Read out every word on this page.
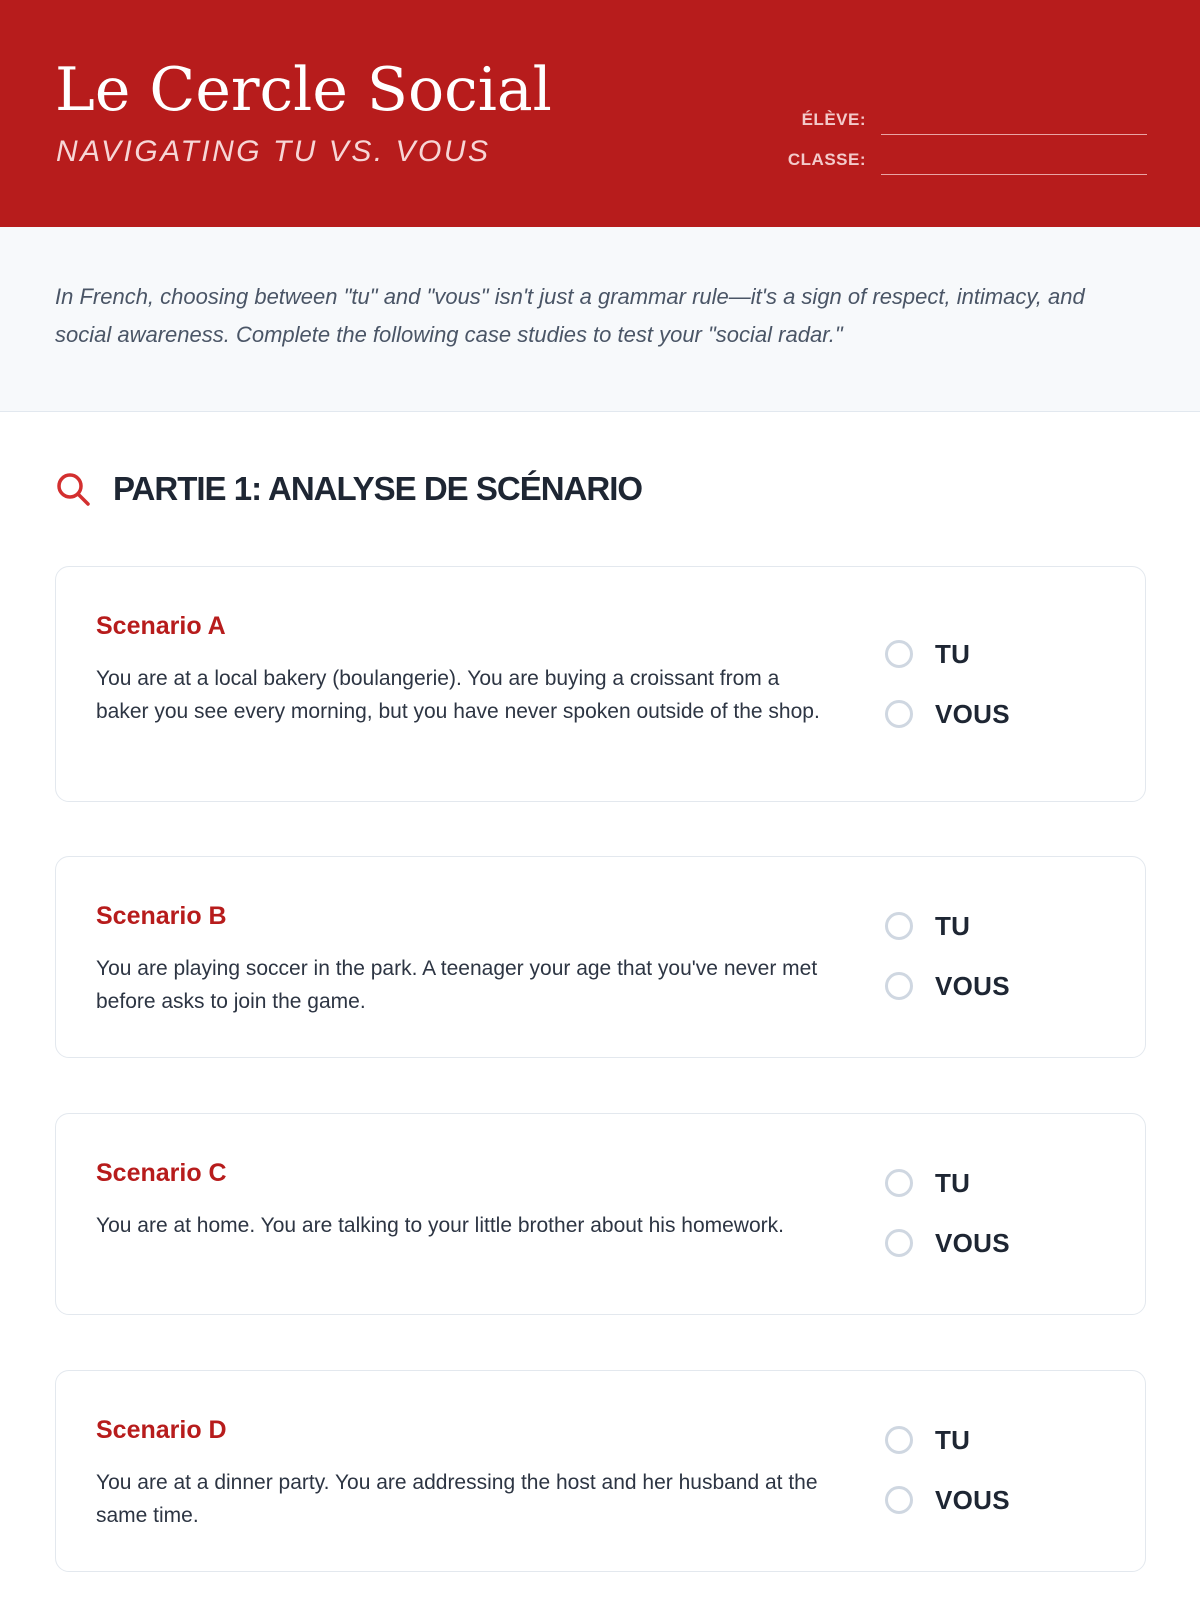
Le Cercle Social
NAVIGATING TU VS. VOUS
ÉLÈVE:
CLASSE:
In French, choosing between "tu" and "vous" isn't just a grammar rule—it's a sign of respect, intimacy, and social awareness. Complete the following case studies to test your "social radar."
PARTIE 1: ANALYSE DE SCÉNARIO
Scenario A
You are at a local bakery (boulangerie). You are buying a croissant from a baker you see every morning, but you have never spoken outside of the shop.
TU
VOUS
Scenario B
You are playing soccer in the park. A teenager your age that you've never met before asks to join the game.
TU
VOUS
Scenario C
You are at home. You are talking to your little brother about his homework.
TU
VOUS
Scenario D
You are at a dinner party. You are addressing the host and her husband at the same time.
TU
VOUS
